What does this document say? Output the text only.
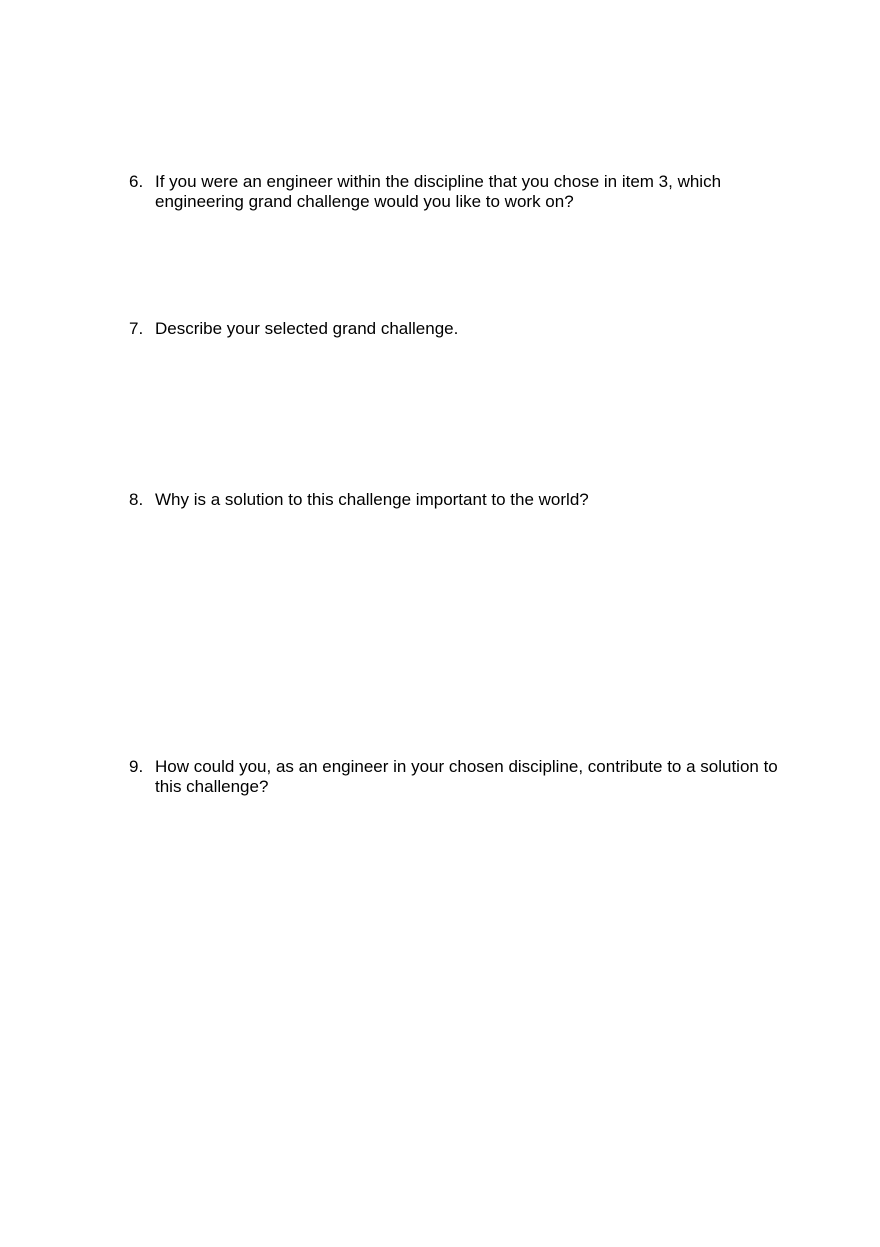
6. If you were an engineer within the discipline that you chose in item 3, which engineering grand challenge would you like to work on?
7. Describe your selected grand challenge.
8. Why is a solution to this challenge important to the world?
9. How could you, as an engineer in your chosen discipline, contribute to a solution to this challenge?
